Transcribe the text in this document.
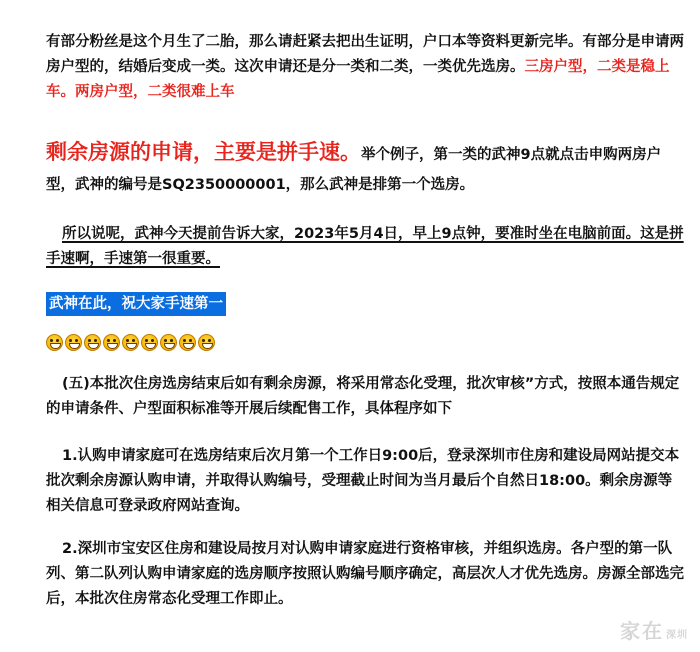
有部分粉丝是这个月生了二胎，那么请赶紧去把出生证明，户口本等资料更新完毕。有部分是申请两房户型的，结婚后变成一类。这次申请还是分一类和二类，一类优先选房。三房户型，二类是稳上车。两房户型，二类很难上车

剩余房源的申请，主要是拼手速。举个例子，第一类的武神9点就点击申购两房户型，武神的编号是SQ2350000001，那么武神是排第一个选房。

所以说呢，武神今天提前告诉大家，2023年5月4日，早上9点钟，要准时坐在电脑前面。这是拼手速啊，手速第一很重要。

武神在此，祝大家手速第一

(五)本批次住房选房结束后如有剩余房源，将采用常态化受理，批次审核”方式，按照本通告规定的申请条件、户型面积标准等开展后续配售工作，具体程序如下

1.认购申请家庭可在选房结束后次月第一个工作日9:00后，登录深圳市住房和建设局网站提交本批次剩余房源认购申请，并取得认购编号，受理截止时间为当月最后个自然日18:00。剩余房源等相关信息可登录政府网站查询。

2.深圳市宝安区住房和建设局按月对认购申请家庭进行资格审核，并组织选房。各户型的第一队列、第二队列认购申请家庭的选房顺序按照认购编号顺序确定，高层次人才优先选房。房源全部选完后，本批次住房常态化受理工作即止。

家在 深圳
